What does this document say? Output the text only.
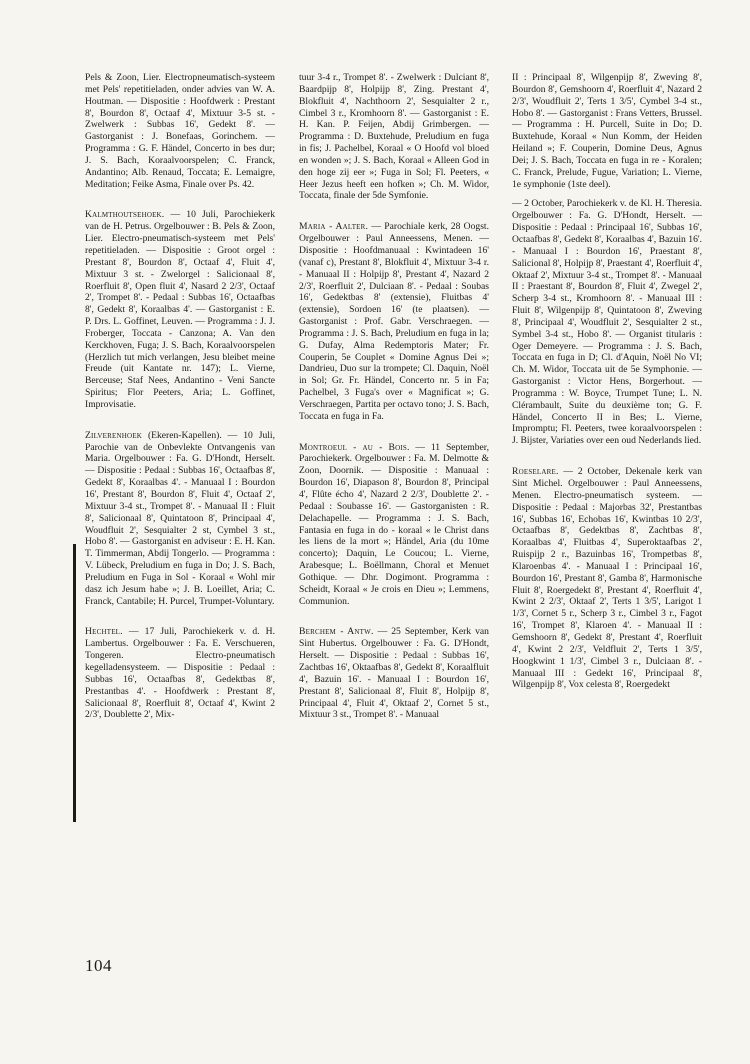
Pels & Zoon, Lier. Electropneumatisch-systeem met Pels' repetitieladen, onder advies van W. A. Houtman. — Dispositie : Hoofdwerk : Prestant 8', Bourdon 8', Octaaf 4', Mixtuur 3-5 st. - Zwelwerk : Subbas 16', Gedekt 8'. — Gastorganist : J. Bonefaas, Gorinchem. — Programma : G. F. Händel, Concerto in bes dur; J. S. Bach, Koraalvoorspelen; C. Franck, Andantino; Alb. Renaud, Toccata; E. Lemaigre, Meditation; Feike Asma, Finale over Ps. 42.

Kalmthoutsehoek. — 10 Juli, Parochiekerk van de H. Petrus. Orgelbouwer : B. Pels & Zoon, Lier. Electro-pneumatisch-systeem met Pels' repetitieladen. — Dispositie : Groot orgel : Prestant 8', Bourdon 8', Octaaf 4', Fluit 4', Mixtuur 3 st. - Zwelorgel : Salicionaal 8', Roerfluit 8', Open fluit 4', Nasard 2 2/3', Octaaf 2', Trompet 8'. - Pedaal : Subbas 16', Octaafbas 8', Gedekt 8', Koraalbas 4'. — Gastorganist : E. P. Drs. L. Goffinet, Leuven. — Programma : J. J. Froberger, Toccata - Canzona; A. Van den Kerckhoven, Fuga; J. S. Bach, Koraalvoorspelen (Herzlich tut mich verlangen, Jesu bleibet meine Freude (uit Kantate nr. 147); L. Vierne, Berceuse; Staf Nees, Andantino - Veni Sancte Spiritus; Flor Peeters, Aria; L. Goffinet, Improvisatie.

Zilverenhoek (Ekeren-Kapellen). — 10 Juli, Parochie van de Onbevlekte Ontvangenis van Maria. Orgelbouwer : Fa. G. D'Hondt, Herselt. — Dispositie : Pedaal : Subbas 16', Octaafbas 8', Gedekt 8', Koraalbas 4'. - Manuaal I : Bourdon 16', Prestant 8', Bourdon 8', Fluit 4', Octaaf 2', Mixtuur 3-4 st., Trompet 8'. - Manuaal II : Fluit 8', Salicionaal 8', Quintatoon 8', Principaal 4', Woudfluit 2', Sesquialter 2 st, Cymbel 3 st., Hobo 8'. — Gastorganist en adviseur : E. H. Kan. T. Timmerman, Abdij Tongerlo. — Programma : V. Lübeck, Preludium en fuga in Do; J. S. Bach, Preludium en Fuga in Sol - Koraal « Wohl mir dasz ich Jesum habe »; J. B. Loeillet, Aria; C. Franck, Cantabile; H. Purcel, Trumpet-Voluntary.

Hechtel. — 17 Juli, Parochiekerk v. d. H. Lambertus. Orgelbouwer : Fa. E. Verschueren, Tongeren. Electro-pneumatisch kegelladensysteem. — Dispositie : Pedaal : Subbas 16', Octaafbas 8', Gedektbas 8', Prestantbas 4'. - Hoofdwerk : Prestant 8', Salicionaal 8', Roerfluit 8', Octaaf 4', Kwint 2 2/3', Doublette 2', Mix-

tuur 3-4 r., Trompet 8'. - Zwelwerk : Dulciant 8', Baardpijp 8', Holpijp 8', Zing. Prestant 4', Blokfluit 4', Nachthoorn 2', Sesquialter 2 r., Cimbel 3 r., Kromhoorn 8'. — Gastorganist : E. H. Kan. P. Feijen, Abdij Grimbergen. — Programma : D. Buxtehude, Preludium en fuga in fis; J. Pachelbel, Koraal « O Hoofd vol bloed en wonden »; J. S. Bach, Koraal « Alleen God in den hoge zij eer »; Fuga in Sol; Fl. Peeters, « Heer Jezus heeft een hofken »; Ch. M. Widor, Toccata, finale der 5de Symfonie.

Maria - Aalter. — Parochiale kerk, 28 Oogst. Orgelbouwer : Paul Anneessens, Menen. — Dispositie : Hoofdmanuaal : Kwintadeen 16' (vanaf c), Prestant 8', Blokfluit 4', Mixtuur 3-4 r. - Manuaal II : Holpijp 8', Prestant 4', Nazard 2 2/3', Roerfluit 2', Dulciaan 8'. - Pedaal : Soubas 16', Gedektbas 8' (extensie), Fluitbas 4' (extensie), Sordoen 16' (te plaatsen). — Gastorganist : Prof. Gabr. Verschraegen. — Programma : J. S. Bach, Preludium en fuga in la; G. Dufay, Alma Redemptoris Mater; Fr. Couperin, 5e Couplet « Domine Agnus Dei »; Dandrieu, Duo sur la trompete; Cl. Daquin, Noël in Sol; Gr. Fr. Händel, Concerto nr. 5 in Fa; Pachelbel, 3 Fuga's over « Magnificat »; G. Verschraegen, Partita per octavo tono; J. S. Bach, Toccata en fuga in Fa.

Montroeul - au - Bois. — 11 September, Parochiekerk. Orgelbouwer : Fa. M. Delmotte & Zoon, Doornik. — Dispositie : Manuaal : Bourdon 16', Diapason 8', Bourdon 8', Principal 4', Flûte écho 4', Nazard 2 2/3', Doublette 2'. - Pedaal : Soubasse 16'. — Gastorganisten : R. Delachapelle. — Programma : J. S. Bach, Fantasia en fuga in do - koraal « le Christ dans les liens de la mort »; Händel, Aria (du 10me concerto); Daquin, Le Coucou; L. Vierne, Arabesque; L. Boëllmann, Choral et Menuet Gothique. — Dhr. Dogimont. Programma : Scheidt, Koraal « Je crois en Dieu »; Lemmens, Communion.

Berchem - Antw. — 25 September, Kerk van Sint Hubertus. Orgelbouwer : Fa. G. D'Hondt, Herselt. — Dispositie : Pedaal : Subbas 16', Zachtbas 16', Oktaafbas 8', Gedekt 8', Koraalfluit 4', Bazuin 16'. - Manuaal I : Bourdon 16', Prestant 8', Salicionaal 8', Fluit 8', Holpijp 8', Principaal 4', Fluit 4', Oktaaf 2', Cornet 5 st., Mixtuur 3 st., Trompet 8'. - Manuaal

II : Principaal 8', Wilgenpijp 8', Zweving 8', Bourdon 8', Gemshoorn 4', Roerfluit 4', Nazard 2 2/3', Woudfluit 2', Terts 1 3/5', Cymbel 3-4 st., Hobo 8'. — Gastorganist : Frans Vetters, Brussel. — Programma : H. Purcell, Suite in Do; D. Buxtehude, Koraal « Nun Komm, der Heiden Heiland »; F. Couperin, Domine Deus, Agnus Dei; J. S. Bach, Toccata en fuga in re - Koralen; C. Franck, Prelude, Fugue, Variation; L. Vierne, 1e symphonie (1ste deel).

— 2 October, Parochiekerk v. de Kl. H. Theresia. Orgelbouwer : Fa. G. D'Hondt, Herselt. — Dispositie : Pedaal : Principaal 16', Subbas 16', Octaafbas 8', Gedekt 8', Koraalbas 4', Bazuin 16'. - Manuaal I : Bourdon 16', Praestant 8', Salicional 8', Holpijp 8', Praestant 4', Roerfluit 4', Oktaaf 2', Mixtuur 3-4 st., Trompet 8'. - Manuaal II : Praestant 8', Bourdon 8', Fluit 4', Zwegel 2', Scherp 3-4 st., Kromhoorn 8'. - Manuaal III : Fluit 8', Wilgenpijp 8', Quintatoon 8', Zweving 8', Principaal 4', Woudfluit 2', Sesquialter 2 st., Symbel 3-4 st., Hobo 8'. — Organist titularis : Oger Demeyere. — Programma : J. S. Bach, Toccata en fuga in D; Cl. d'Aquin, Noël No VI; Ch. M. Widor, Toccata uit de 5e Symphonie. — Gastorganist : Victor Hens, Borgerhout. — Programma : W. Boyce, Trumpet Tune; L. N. Clérambault, Suite du deuxième ton; G. F. Händel, Concerto II in Bes; L. Vierne, Impromptu; Fl. Peeters, twee koraalvoorspelen : J. Bijster, Variaties over een oud Nederlands lied.

Roeselare. — 2 October, Dekenale kerk van Sint Michel. Orgelbouwer : Paul Anneessens, Menen. Electro-pneumatisch systeem. — Dispositie : Pedaal : Majorbas 32', Prestantbas 16', Subbas 16', Echobas 16', Kwintbas 10 2/3', Octaafbas 8', Gedektbas 8', Zachtbas 8', Koraalbas 4', Fluitbas 4', Superoktaafbas 2', Ruispijp 2 r., Bazuinbas 16', Trompetbas 8', Klaroenbas 4'. - Manuaal I : Principaal 16', Bourdon 16', Prestant 8', Gamba 8', Harmonische Fluit 8', Roergedekt 8', Prestant 4', Roerfluit 4', Kwint 2 2/3', Oktaaf 2', Terts 1 3/5', Larigot 1 1/3', Cornet 5 r., Scherp 3 r., Cimbel 3 r., Fagot 16', Trompet 8', Klaroen 4'. - Manuaal II : Gemshoorn 8', Gedekt 8', Prestant 4', Roerfluit 4', Kwint 2 2/3', Veldfluit 2', Terts 1 3/5', Hoogkwint 1 1/3', Cimbel 3 r., Dulciaan 8'. - Manuaal III : Gedekt 16', Principaal 8', Wilgenpijp 8', Vox celesta 8', Roergedekt

104
